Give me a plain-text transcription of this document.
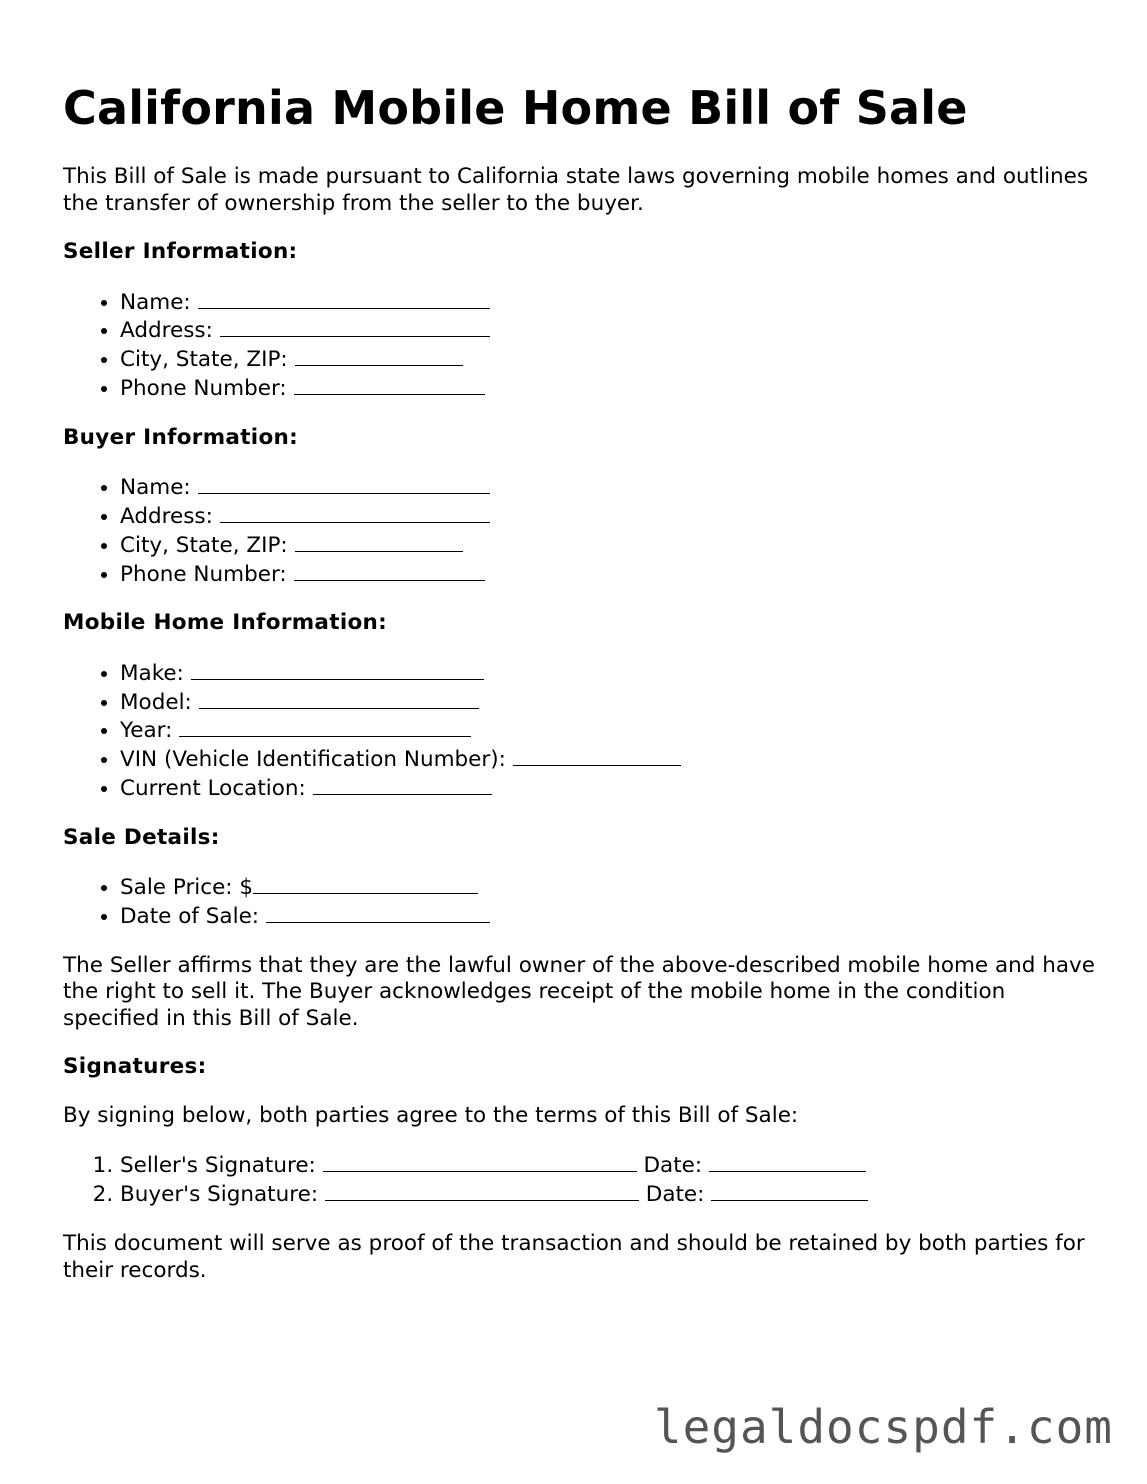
California Mobile Home Bill of Sale

This Bill of Sale is made pursuant to California state laws governing mobile homes and outlines the transfer of ownership from the seller to the buyer.

Seller Information:
• Name:
• Address:
• City, State, ZIP:
• Phone Number:
Buyer Information:
• Name:
• Address:
• City, State, ZIP:
• Phone Number:
Mobile Home Information:
• Make:
• Model:
• Year:
• VIN (Vehicle Identification Number):
• Current Location:
Sale Details:
• Sale Price: $
• Date of Sale:

The Seller affirms that they are the lawful owner of the above-described mobile home and have the right to sell it. The Buyer acknowledges receipt of the mobile home in the condition specified in this Bill of Sale.

Signatures:

By signing below, both parties agree to the terms of this Bill of Sale:

1. Seller's Signature:	Date:
2. Buyer's Signature:	Date:

This document will serve as proof of the transaction and should be retained by both parties for their records.

legaldocspdf.com
